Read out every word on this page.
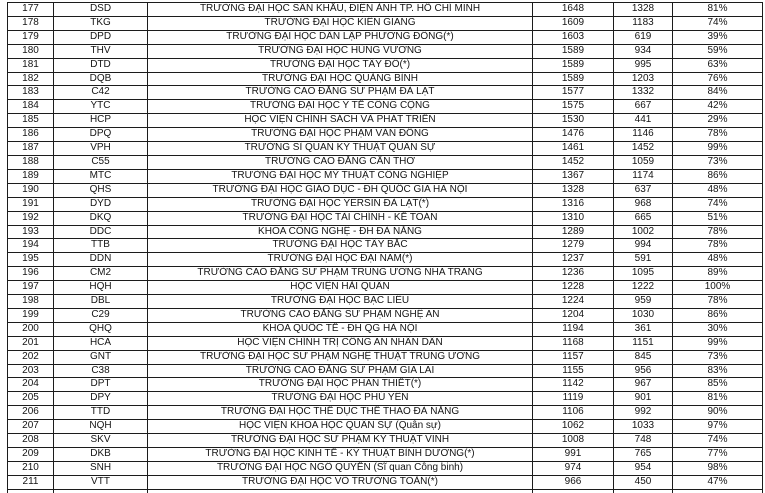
177	DSD	TRƯỜNG ĐẠI HỌC SÂN KHẤU, ĐIỆN ẢNH TP. HỒ CHÍ MINH	1648	1328	81%
178	TKG	TRƯỜNG ĐẠI HỌC KIÊN GIANG	1609	1183	74%
179	DPD	TRƯỜNG ĐẠI HỌC DÂN LẬP PHƯƠNG ĐÔNG(*)	1603	619	39%
180	THV	TRƯỜNG ĐẠI HỌC HÙNG VƯƠNG	1589	934	59%
181	DTD	TRƯỜNG ĐẠI HỌC TÂY ĐÔ(*)	1589	995	63%
182	DQB	TRƯỜNG ĐẠI HỌC QUẢNG BÌNH	1589	1203	76%
183	C42	TRƯỜNG CAO ĐẲNG SƯ PHẠM ĐÀ LẠT	1577	1332	84%
184	YTC	TRƯỜNG ĐẠI HỌC Y TẾ CÔNG CỘNG	1575	667	42%
185	HCP	HỌC VIỆN CHÍNH SÁCH VÀ PHÁT TRIỂN	1530	441	29%
186	DPQ	TRƯỜNG ĐẠI HỌC PHẠM VĂN ĐỒNG	1476	1146	78%
187	VPH	TRƯỜNG SĨ QUAN KỸ THUẬT QUÂN SỰ	1461	1452	99%
188	C55	TRƯỜNG CAO ĐẲNG CẦN THƠ	1452	1059	73%
189	MTC	TRƯỜNG ĐẠI HỌC MỸ THUẬT CÔNG NGHIỆP	1367	1174	86%
190	QHS	TRƯỜNG ĐẠI HỌC GIÁO DỤC - ĐH QUỐC GIA HÀ NỘI	1328	637	48%
191	DYD	TRƯỜNG ĐẠI HỌC YERSIN ĐÀ LẠT(*)	1316	968	74%
192	DKQ	TRƯỜNG ĐẠI HỌC TÀI CHÍNH - KẾ TOÁN	1310	665	51%
193	DDC	KHOA CÔNG NGHỆ - ĐH ĐÀ NẴNG	1289	1002	78%
194	TTB	TRƯỜNG ĐẠI HỌC TÂY BẮC	1279	994	78%
195	DDN	TRƯỜNG ĐẠI HỌC ĐẠI NAM(*)	1237	591	48%
196	CM2	TRƯỜNG CAO ĐẲNG SƯ PHẠM TRUNG ƯƠNG NHA TRANG	1236	1095	89%
197	HQH	HỌC VIỆN HẢI QUÂN	1228	1222	100%
198	DBL	TRƯỜNG ĐẠI HỌC BẠC LIÊU	1224	959	78%
199	C29	TRƯỜNG CAO ĐẲNG SƯ PHẠM NGHỆ AN	1204	1030	86%
200	QHQ	KHOA QUỐC TẾ - ĐH QG HÀ NỘI	1194	361	30%
201	HCA	HỌC VIỆN CHÍNH TRỊ CÔNG AN NHÂN DÂN	1168	1151	99%
202	GNT	TRƯỜNG ĐẠI HỌC SƯ PHẠM NGHỆ THUẬT TRUNG ƯƠNG	1157	845	73%
203	C38	TRƯỜNG CAO ĐẲNG SƯ PHẠM GIA LAI	1155	956	83%
204	DPT	TRƯỜNG ĐẠI HỌC PHAN THIẾT(*)	1142	967	85%
205	DPY	TRƯỜNG ĐẠI HỌC PHÚ YÊN	1119	901	81%
206	TTD	TRƯỜNG ĐẠI HỌC THỂ DỤC THỂ THAO ĐÀ NẴNG	1106	992	90%
207	NQH	HỌC VIỆN KHOA HỌC QUÂN SỰ (Quân sự)	1062	1033	97%
208	SKV	TRƯỜNG ĐẠI HỌC SƯ PHẠM KỸ THUẬT VINH	1008	748	74%
209	DKB	TRƯỜNG ĐẠI HỌC KINH TẾ - KỸ THUẬT BÌNH DƯƠNG(*)	991	765	77%
210	SNH	TRƯỜNG ĐẠI HỌC NGÔ QUYỀN (Sĩ quan Công binh)	974	954	98%
211	VTT	TRƯỜNG ĐẠI HỌC VÕ TRƯỜNG TOẢN(*)	966	450	47%
